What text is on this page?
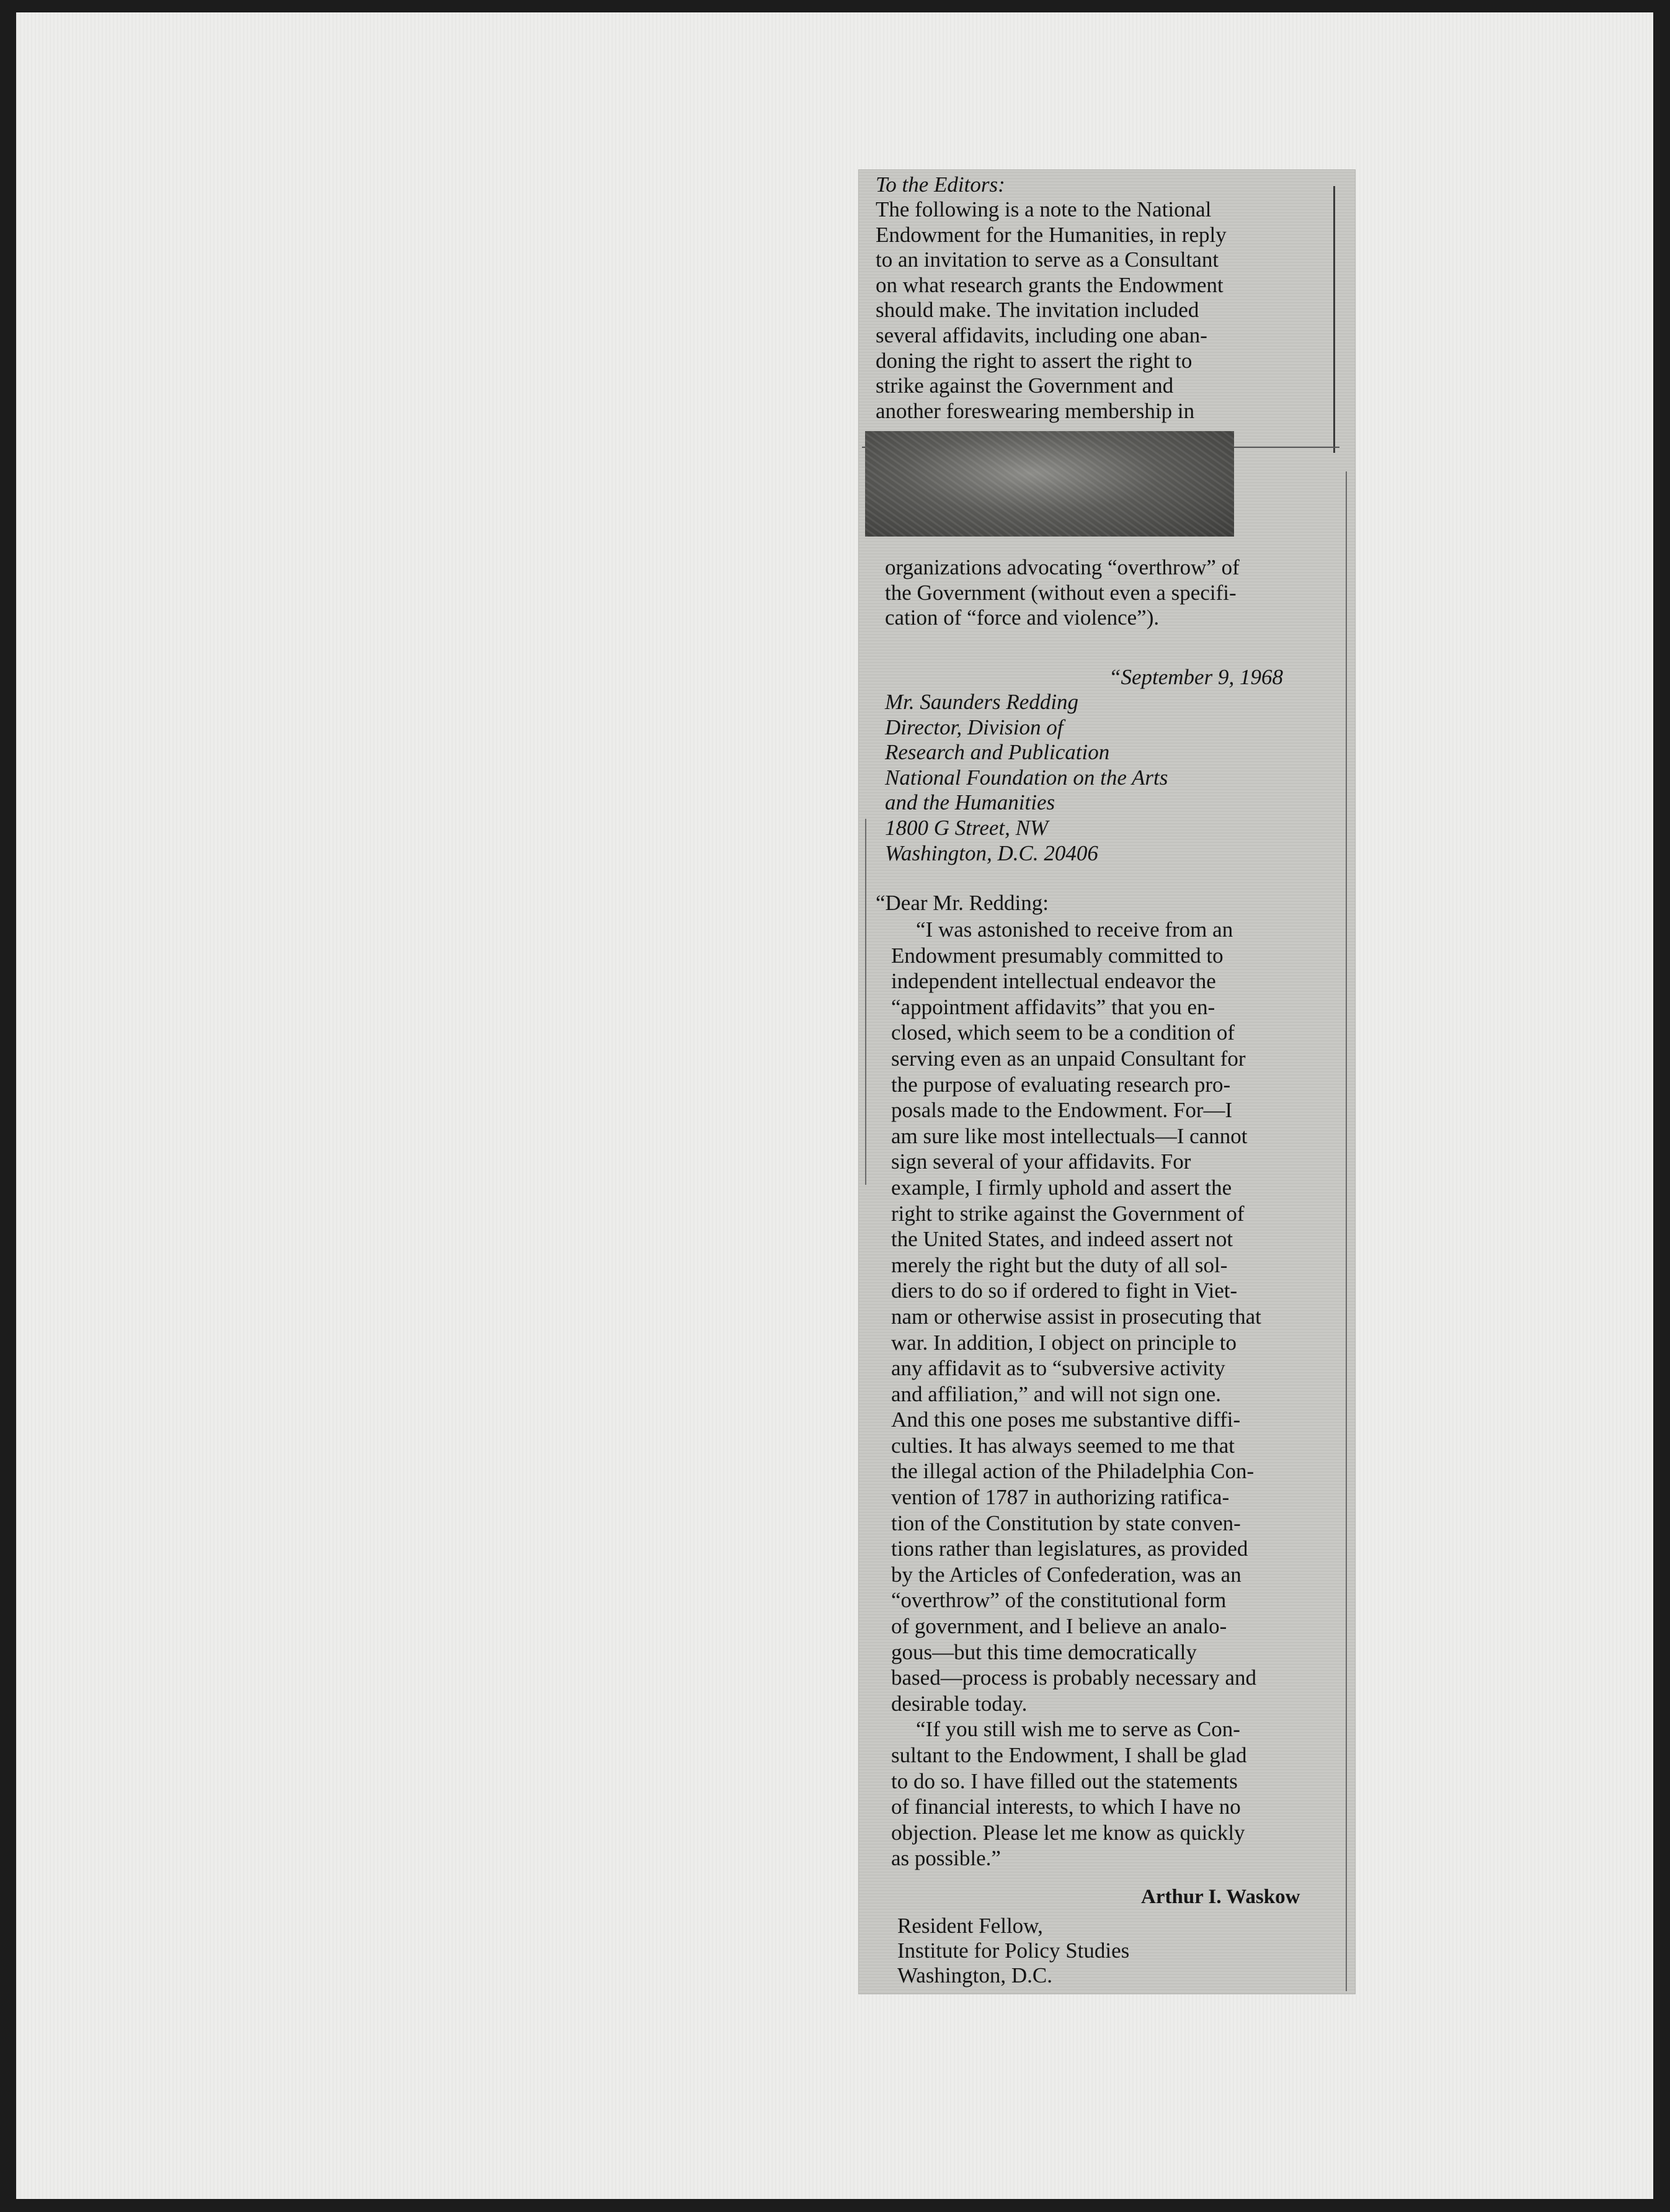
To the Editors:
The following is a note to the National
Endowment for the Humanities, in reply
to an invitation to serve as a Consultant
on what research grants the Endowment
should make. The invitation included
several affidavits, including one aban-
doning the right to assert the right to
strike against the Government and
another foreswearing membership in
organizations advocating “overthrow” of
the Government (without even a specifi-
cation of “force and violence”).
“September 9, 1968
Mr. Saunders Redding
Director, Division of
Research and Publication
National Foundation on the Arts
and the Humanities
1800 G Street, NW
Washington, D.C. 20406
“Dear Mr. Redding:
“I was astonished to receive from an
Endowment presumably committed to
independent intellectual endeavor the
“appointment affidavits” that you en-
closed, which seem to be a condition of
serving even as an unpaid Consultant for
the purpose of evaluating research pro-
posals made to the Endowment. For—I
am sure like most intellectuals—I cannot
sign several of your affidavits. For
example, I firmly uphold and assert the
right to strike against the Government of
the United States, and indeed assert not
merely the right but the duty of all sol-
diers to do so if ordered to fight in Viet-
nam or otherwise assist in prosecuting that
war. In addition, I object on principle to
any affidavit as to “subversive activity
and affiliation,” and will not sign one.
And this one poses me substantive diffi-
culties. It has always seemed to me that
the illegal action of the Philadelphia Con-
vention of 1787 in authorizing ratifica-
tion of the Constitution by state conven-
tions rather than legislatures, as provided
by the Articles of Confederation, was an
“overthrow” of the constitutional form
of government, and I believe an analo-
gous—but this time democratically
based—process is probably necessary and
desirable today.
“If you still wish me to serve as Con-
sultant to the Endowment, I shall be glad
to do so. I have filled out the statements
of financial interests, to which I have no
objection. Please let me know as quickly
as possible.”
Arthur I. Waskow
Resident Fellow,
Institute for Policy Studies
Washington, D.C.
